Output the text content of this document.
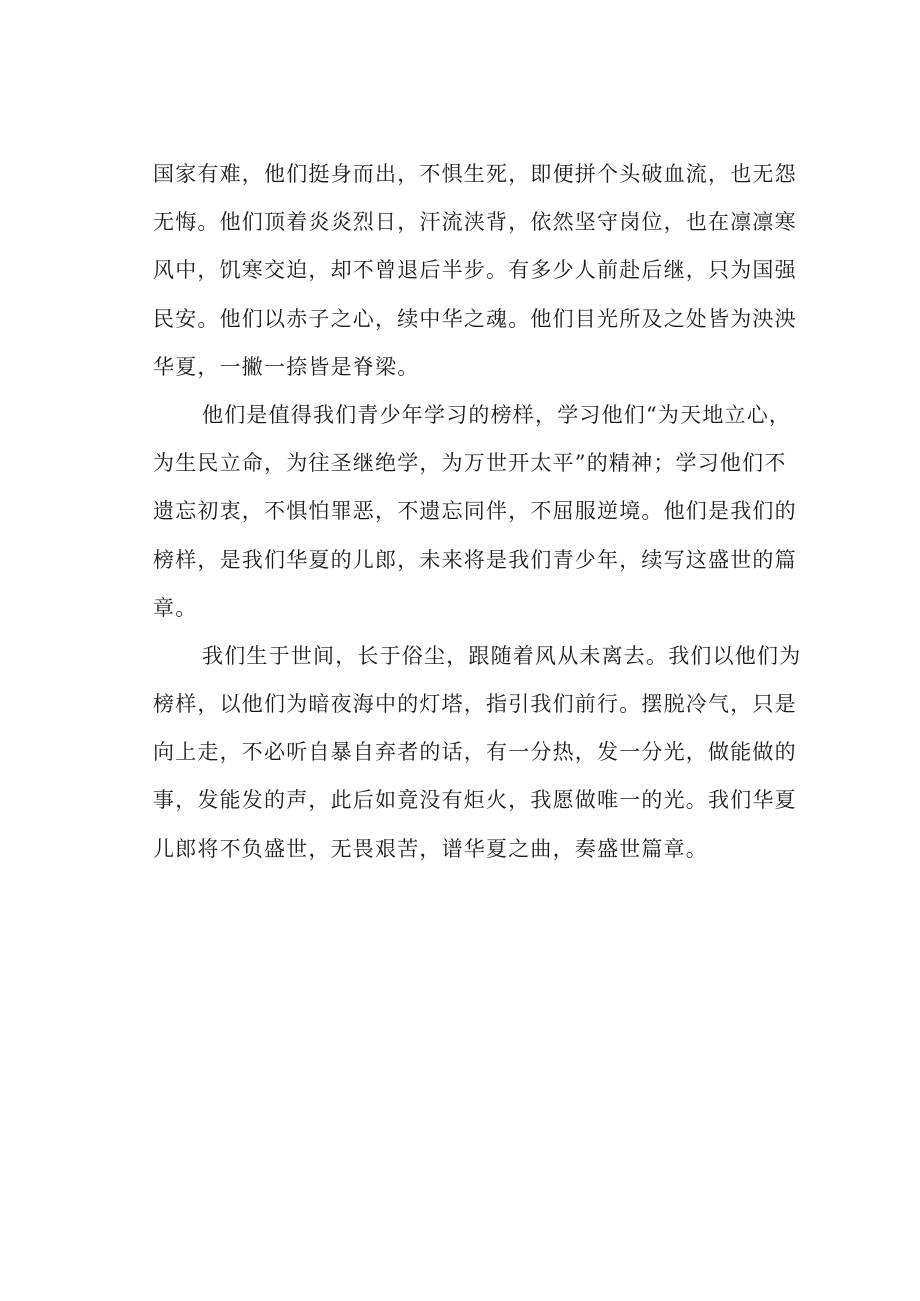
国家有难，他们挺身而出，不惧生死，即便拼个头破血流，也无怨
无悔。他们顶着炎炎烈日，汗流浃背，依然坚守岗位，也在凛凛寒
风中，饥寒交迫，却不曾退后半步。有多少人前赴后继，只为国强
民安。他们以赤子之心，续中华之魂。他们目光所及之处皆为泱泱
华夏，一撇一捺皆是脊梁。
他们是值得我们青少年学习的榜样，学习他们“为天地立心，
为生民立命，为往圣继绝学，为万世开太平”的精神；学习他们不
遗忘初衷，不惧怕罪恶，不遗忘同伴，不屈服逆境。他们是我们的
榜样，是我们华夏的儿郎，未来将是我们青少年，续写这盛世的篇
章。
我们生于世间，长于俗尘，跟随着风从未离去。我们以他们为
榜样，以他们为暗夜海中的灯塔，指引我们前行。摆脱冷气，只是
向上走，不必听自暴自弃者的话，有一分热，发一分光，做能做的
事，发能发的声，此后如竟没有炬火，我愿做唯一的光。我们华夏
儿郎将不负盛世，无畏艰苦，谱华夏之曲，奏盛世篇章。
